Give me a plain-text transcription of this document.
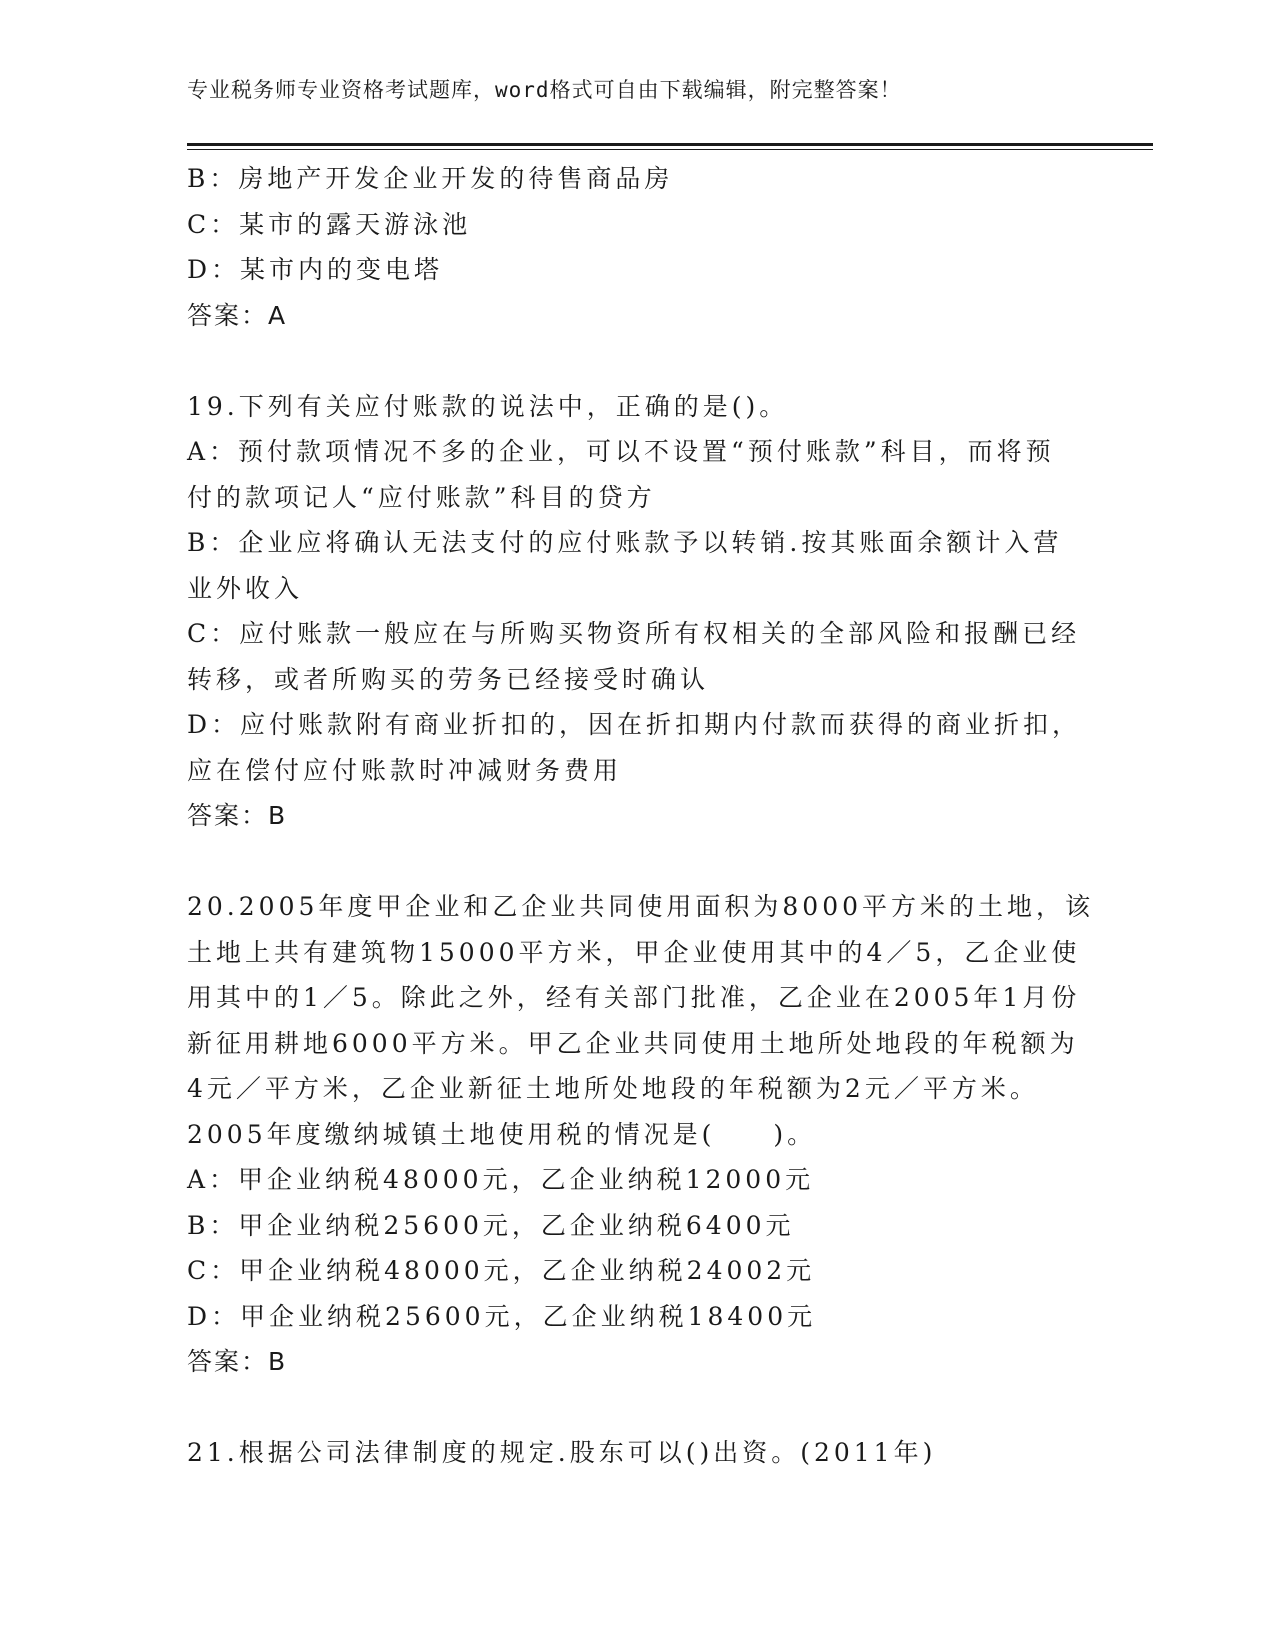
专业税务师专业资格考试题库，word格式可自由下载编辑，附完整答案！
B：房地产开发企业开发的待售商品房
C：某市的露天游泳池
D：某市内的变电塔
答案：A
19.下列有关应付账款的说法中，正确的是()。
A：预付款项情况不多的企业，可以不设置“预付账款”科目，而将预
付的款项记人“应付账款”科目的贷方
B：企业应将确认无法支付的应付账款予以转销.按其账面余额计入营
业外收入
C：应付账款一般应在与所购买物资所有权相关的全部风险和报酬已经
转移，或者所购买的劳务已经接受时确认
D：应付账款附有商业折扣的，因在折扣期内付款而获得的商业折扣，
应在偿付应付账款时冲减财务费用
答案：B
20.2005年度甲企业和乙企业共同使用面积为8000平方米的土地，该
土地上共有建筑物15000平方米，甲企业使用其中的4／5，乙企业使
用其中的1／5。除此之外，经有关部门批准，乙企业在2005年1月份
新征用耕地6000平方米。甲乙企业共同使用土地所处地段的年税额为
4元／平方米，乙企业新征土地所处地段的年税额为2元／平方米。
2005年度缴纳城镇土地使用税的情况是(　　)。
A：甲企业纳税48000元，乙企业纳税12000元
B：甲企业纳税25600元，乙企业纳税6400元
C：甲企业纳税48000元，乙企业纳税24002元
D：甲企业纳税25600元，乙企业纳税18400元
答案：B
21.根据公司法律制度的规定.股东可以()出资。(2011年)
